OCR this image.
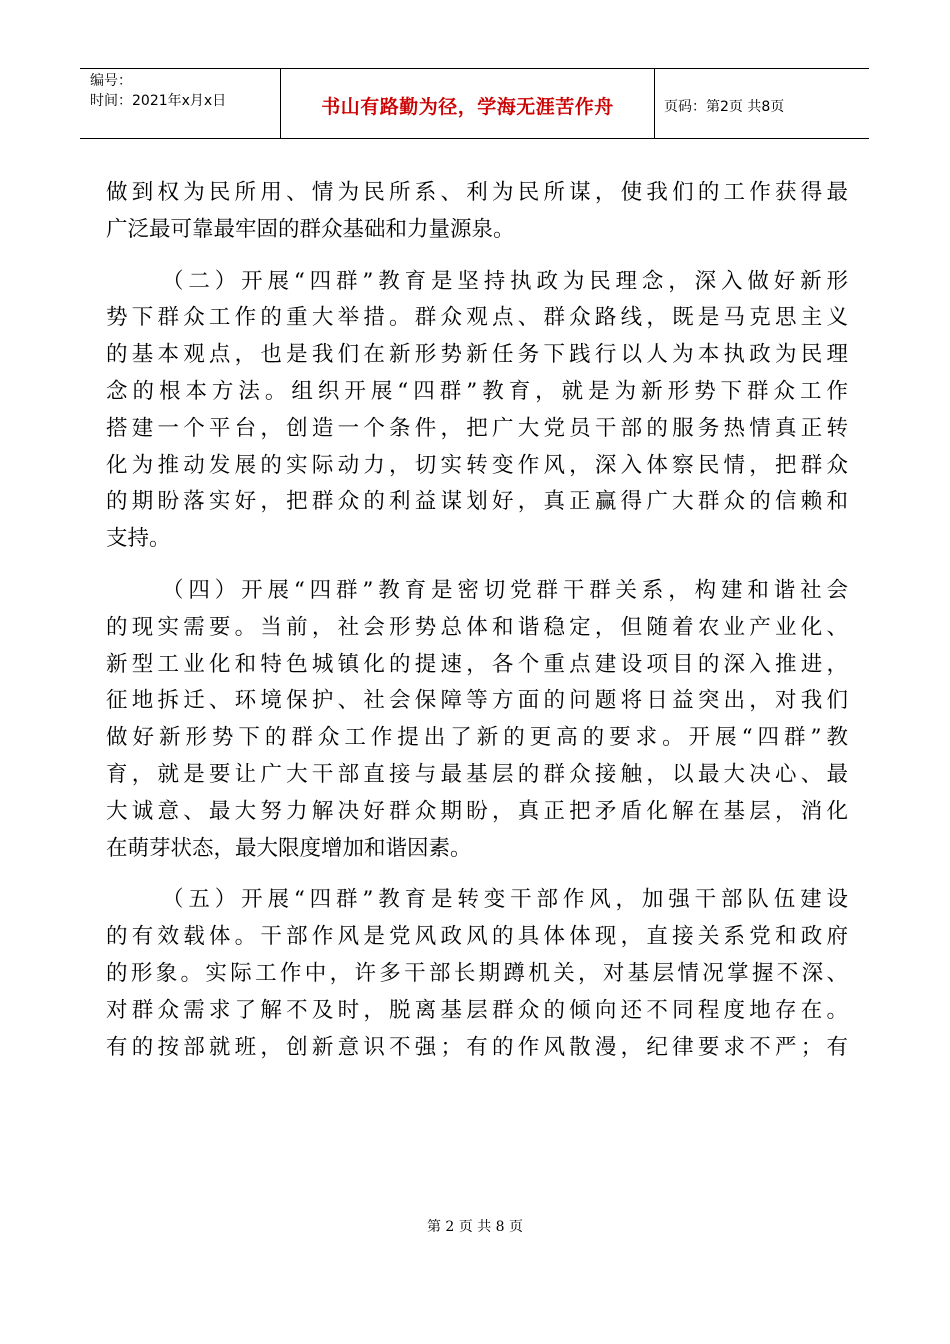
编号：
时间：2021年x月x日	书山有路勤为径，学海无涯苦作舟	页码：第2页 共8页
做到权为民所用、情为民所系、利为民所谋，使我们的工作获得最
广泛最可靠最牢固的群众基础和力量源泉。
（二）开展“四群”教育是坚持执政为民理念，深入做好新形
势下群众工作的重大举措。群众观点、群众路线，既是马克思主义
的基本观点，也是我们在新形势新任务下践行以人为本执政为民理
念的根本方法。组织开展“四群”教育，就是为新形势下群众工作
搭建一个平台，创造一个条件，把广大党员干部的服务热情真正转
化为推动发展的实际动力，切实转变作风，深入体察民情，把群众
的期盼落实好，把群众的利益谋划好，真正赢得广大群众的信赖和
支持。
（四）开展“四群”教育是密切党群干群关系，构建和谐社会
的现实需要。当前，社会形势总体和谐稳定，但随着农业产业化、
新型工业化和特色城镇化的提速，各个重点建设项目的深入推进，
征地拆迁、环境保护、社会保障等方面的问题将日益突出，对我们
做好新形势下的群众工作提出了新的更高的要求。开展“四群”教
育，就是要让广大干部直接与最基层的群众接触，以最大决心、最
大诚意、最大努力解决好群众期盼，真正把矛盾化解在基层，消化
在萌芽状态，最大限度增加和谐因素。
（五）开展“四群”教育是转变干部作风，加强干部队伍建设
的有效载体。干部作风是党风政风的具体体现，直接关系党和政府
的形象。实际工作中，许多干部长期蹲机关，对基层情况掌握不深、
对群众需求了解不及时，脱离基层群众的倾向还不同程度地存在。
有的按部就班，创新意识不强；有的作风散漫，纪律要求不严；有
第 2 页 共 8 页
